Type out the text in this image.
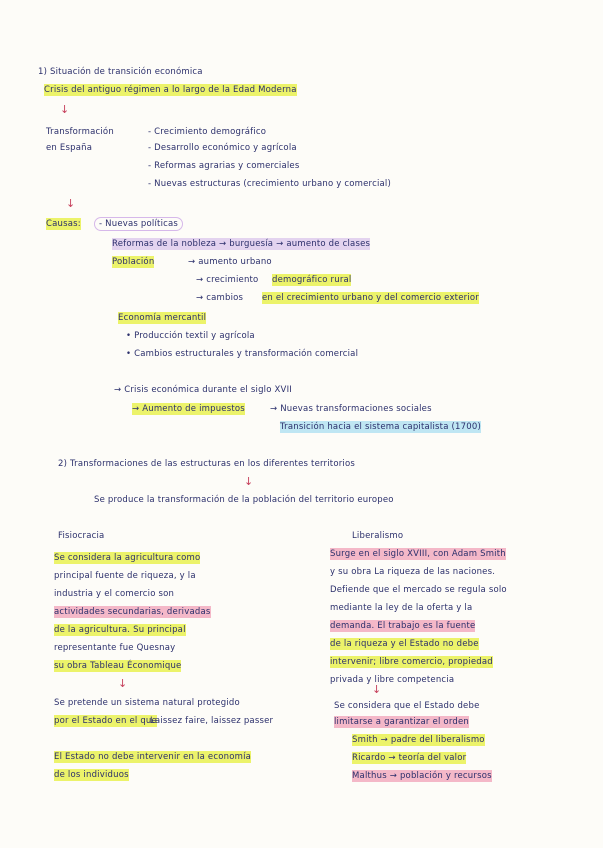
1) Situación de transición económica
Crisis del antiguo régimen a lo largo de la Edad Moderna
↓
Transformación
en España
- Crecimiento demográfico
- Desarrollo económico y agrícola
- Reformas agrarias y comerciales
- Nuevas estructuras (crecimiento urbano y comercial)
↓
Causas:	- Nuevas políticas
Reformas de la nobleza → burguesía → aumento de clases
Población	→ aumento urbano
→ crecimiento demográfico rural
→ cambios en el crecimiento urbano y del comercio exterior
Economía mercantil
• Producción textil y agrícola
• Cambios estructurales y transformación comercial
→ Crisis económica durante el siglo XVII
→ Aumento de impuestos	→ Nuevas transformaciones sociales
Transición hacia el sistema capitalista (1700)
2) Transformaciones de las estructuras en los diferentes territorios
↓
Se produce la transformación de la población del territorio europeo
Fisiocracia
Se considera la agricultura como
principal fuente de riqueza, y la
industria y el comercio son
actividades secundarias, derivadas
de la agricultura. Su principal
representante fue Quesnay
su obra Tableau Économique
↓
Se pretende un sistema natural protegido
por el Estado en el que
Laissez faire, laissez passer
El Estado no debe intervenir en la economía
de los individuos
Liberalismo
Surge en el siglo XVIII, con Adam Smith
y su obra La riqueza de las naciones.
Defiende que el mercado se regula solo
mediante la ley de la oferta y la
demanda. El trabajo es la fuente
de la riqueza y el Estado no debe
intervenir; libre comercio, propiedad
privada y libre competencia
↓
Se considera que el Estado debe
limitarse a garantizar el orden
Smith → padre del liberalismo
Ricardo → teoría del valor
Malthus → población y recursos
